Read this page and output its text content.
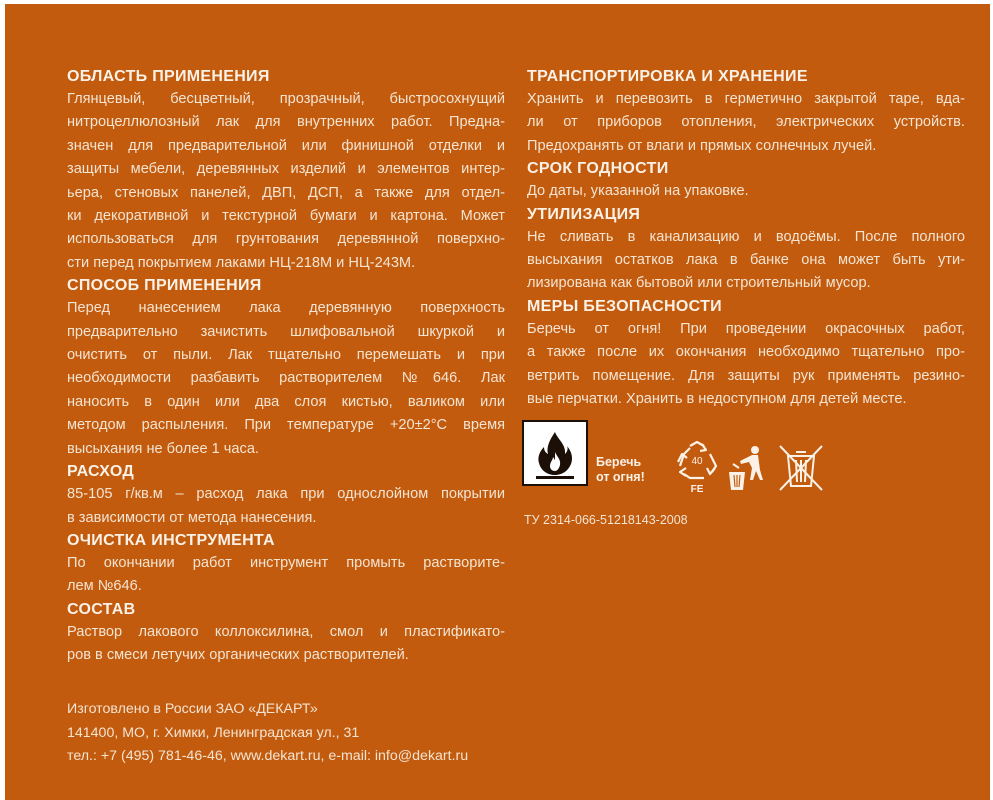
ОБЛАСТЬ ПРИМЕНЕНИЯ
Глянцевый, бесцветный, прозрачный, быстросохнущий
нитроцеллюлозный лак для внутренних работ. Предна-
значен для предварительной или финишной отделки и
защиты мебели, деревянных изделий и элементов интер-
ьера, стеновых панелей, ДВП, ДСП, а также для отдел-
ки декоративной и текстурной бумаги и картона. Может
использоваться для грунтования деревянной поверхно-
сти перед покрытием лаками НЦ-218М и НЦ-243М.
СПОСОБ ПРИМЕНЕНИЯ
Перед нанесением лака деревянную поверхность
предварительно зачистить шлифовальной шкуркой и
очистить от пыли. Лак тщательно перемешать и при
необходимости разбавить растворителем №646. Лак
наносить в один или два слоя кистью, валиком или
методом распыления. При температуре +20±2°С время
высыхания не более 1 часа.
РАСХОД
85-105 г/кв.м – расход лака при однослойном покрытии
в зависимости от метода нанесения.
ОЧИСТКА ИНСТРУМЕНТА
По окончании работ инструмент промыть растворите-
лем №646.
СОСТАВ
Раствор лакового коллоксилина, смол и пластификато-
ров в смеси летучих органических растворителей.
ТРАНСПОРТИРОВКА И ХРАНЕНИЕ
Хранить и перевозить в герметично закрытой таре, вда-
ли от приборов отопления, электрических устройств.
Предохранять от влаги и прямых солнечных лучей.
СРОК ГОДНОСТИ
До даты, указанной на упаковке.
УТИЛИЗАЦИЯ
Не сливать в канализацию и водоёмы. После полного
высыхания остатков лака в банке она может быть ути-
лизирована как бытовой или строительный мусор.
МЕРЫ БЕЗОПАСНОСТИ
Беречь от огня! При проведении окрасочных работ,
а также после их окончания необходимо тщательно про-
ветрить помещение. Для защиты рук применять резино-
вые перчатки. Хранить в недоступном для детей месте.
Беречь
от огня!
40
FE
ТУ 2314-066-51218143-2008
Изготовлено в России ЗАО «ДЕКАРТ»
141400, МО, г. Химки, Ленинградская ул., 31
тел.: +7 (495) 781-46-46, www.dekart.ru, e-mail: info@dekart.ru
